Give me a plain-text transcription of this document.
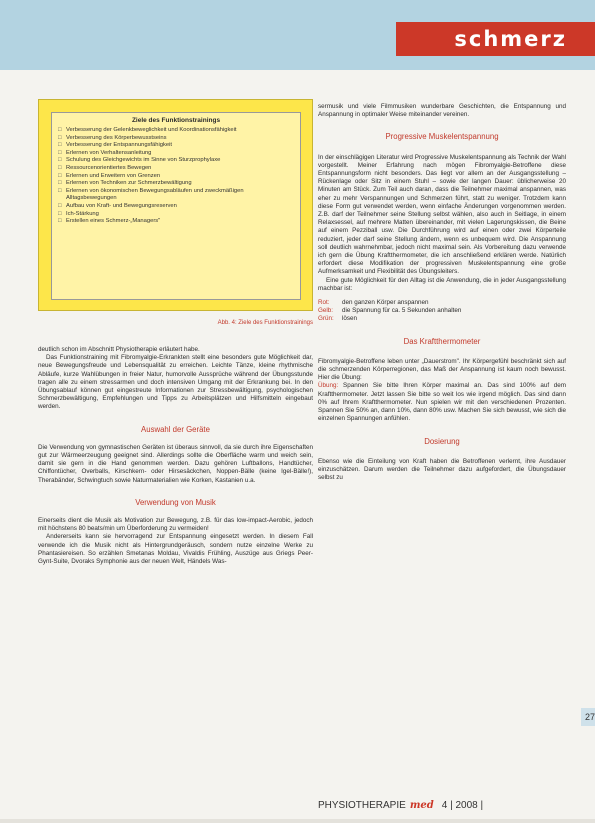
schmerz
Ziele des Funktionstrainings
□ Verbesserung der Gelenkbeweglichkeit und Koordinationsfähigkeit
□ Verbesserung des Körperbewusstseins
□ Verbesserung der Entspannungsfähigkeit
□ Erlernen von Verhaltensanleitung
□ Schulung des Gleichgewichts im Sinne von Sturzprophylaxe
□ Ressourcenorientiertes Bewegen
□ Erlernen und Erweitern von Grenzen
□ Erlernen von Techniken zur Schmerzbewältigung
□ Erlernen von ökonomischen Bewegungsabläufen und zweckmäßigen Alltagsbewegungen
□ Aufbau von Kraft- und Bewegungsreserven
□ Ich-Stärkung
□ Erstellen eines Schmerz-„Managers"
Abb. 4: Ziele des Funktionstrainings

deutlich schon im Abschnitt Physiotherapie erläutert habe.

Das Funktionstraining mit Fibromyalgie-Erkrankten stellt eine besonders gute Möglichkeit dar, neue Bewegungsfreude und Lebensqualität zu erreichen. Leichte Tänze, kleine rhythmische Abläufe, kurze Wahlübungen in freier Natur, humorvolle Aussprüche während der Übungsstunde tragen alle zu einem stressarmen und doch intensiven Umgang mit der Erkrankung bei. In den Übungsablauf können gut eingestreute Informationen zur Stressbewältigung, psychologischen Schmerzbewältigung, Empfehlungen und Tipps zu Arbeitsplätzen und Hilfsmitteln eingebaut werden.

Auswahl der Geräte

Die Verwendung von gymnastischen Geräten ist überaus sinnvoll, da sie durch ihre Eigenschaften gut zur Wärmeerzeugung geeignet sind. Allerdings sollte die Oberfläche warm und weich sein, damit sie gern in die Hand genommen werden. Dazu gehören Luftballons, Handtücher, Chiffontücher, Overballs, Kirschkern- oder Hirsesäckchen, Noppen-Bälle (keine Igel-Bälle!), Therabänder, Schwingtuch sowie Naturmaterialien wie Korken, Kastanien u.a.

Verwendung von Musik

Einerseits dient die Musik als Motivation zur Bewegung, z.B. für das low-impact-Aerobic, jedoch mit höchstens 80 beats/min um Überforderung zu vermeiden!

Andererseits kann sie hervorragend zur Entspannung eingesetzt werden. In diesem Fall verwende ich die Musik nicht als Hintergrundgeräusch, sondern nutze einzelne Werke zu Phantasiereisen. So erzählen Smetanas Moldau, Vivaldis Frühling, Auszüge aus Griegs Peer-Gynt-Suite, Dvoraks Symphonie aus der neuen Welt, Händels Was-

sermusik und viele Filmmusiken wunderbare Geschichten, die Entspannung und Anspannung in optimaler Weise miteinander vereinen.

Progressive Muskelentspannung

In der einschlägigen Literatur wird Progressive Muskelentspannung als Technik der Wahl vorgestellt. Meiner Erfahrung nach mögen Fibromyalgie-Betroffene diese Entspannungsform nicht besonders. Das liegt vor allem an der Ausgangsstellung – Rückenlage oder Sitz in einem Stuhl – sowie der langen Dauer: üblicherweise 20 Minuten am Stück. Zum Teil auch daran, dass die Teilnehmer maximal anspannen, was eher zu mehr Verspannungen und Schmerzen führt, statt zu weniger. Trotzdem kann diese Form gut verwendet werden, wenn einfache Änderungen vorgenommen werden. Z.B. darf der Teilnehmer seine Stellung selbst wählen, also auch in Seitlage, in einem Relaxsessel, auf mehrere Matten übereinander, mit vielen Lagerungskissen, die Beine auf einem Pezziball usw. Die Durchführung wird auf einen oder zwei Körperteile reduziert, jeder darf seine Stellung ändern, wenn es unbequem wird. Die Anspannung soll deutlich wahrnehmbar, jedoch nicht maximal sein. Als Vorbereitung dazu verwende ich gern die Übung Kraftthermometer, die ich anschließend erklären werde. Natürlich erfordert diese Modifikation der progressiven Muskelentspannung eine große Aufmerksamkeit und Flexibilität des Übungsleiters.

Eine gute Möglichkeit für den Alltag ist die Anwendung, die in jeder Ausgangsstellung machbar ist:

Rot: den ganzen Körper anspannen
Gelb: die Spannung für ca. 5 Sekunden anhalten
Grün: lösen
Das Kraftthermometer

Fibromyalgie-Betroffene leben unter „Dauerstrom". Ihr Körpergefühl beschränkt sich auf die schmerzenden Körperregionen, das Maß der Anspannung ist kaum noch bewusst. Hier die Übung:

Übung: Spannen Sie bitte Ihren Körper maximal an. Das sind 100% auf dem Kraftthermometer. Jetzt lassen Sie bitte so weit los wie irgend möglich. Das sind dann 0% auf Ihrem Kraftthermometer. Nun spielen wir mit den verschiedenen Prozenten. Spannen Sie 50% an, dann 10%, dann 80% usw. Machen Sie sich bewusst, wie sich die einzelnen Spannungen anfühlen.

Dosierung

Ebenso wie die Einteilung von Kraft haben die Betroffenen verlernt, ihre Ausdauer einzuschätzen. Darum werden die Teilnehmer dazu aufgefordert, die Übungsdauer selbst zu

27
PHYSIOTHERAPIE med 4 | 2008 |
